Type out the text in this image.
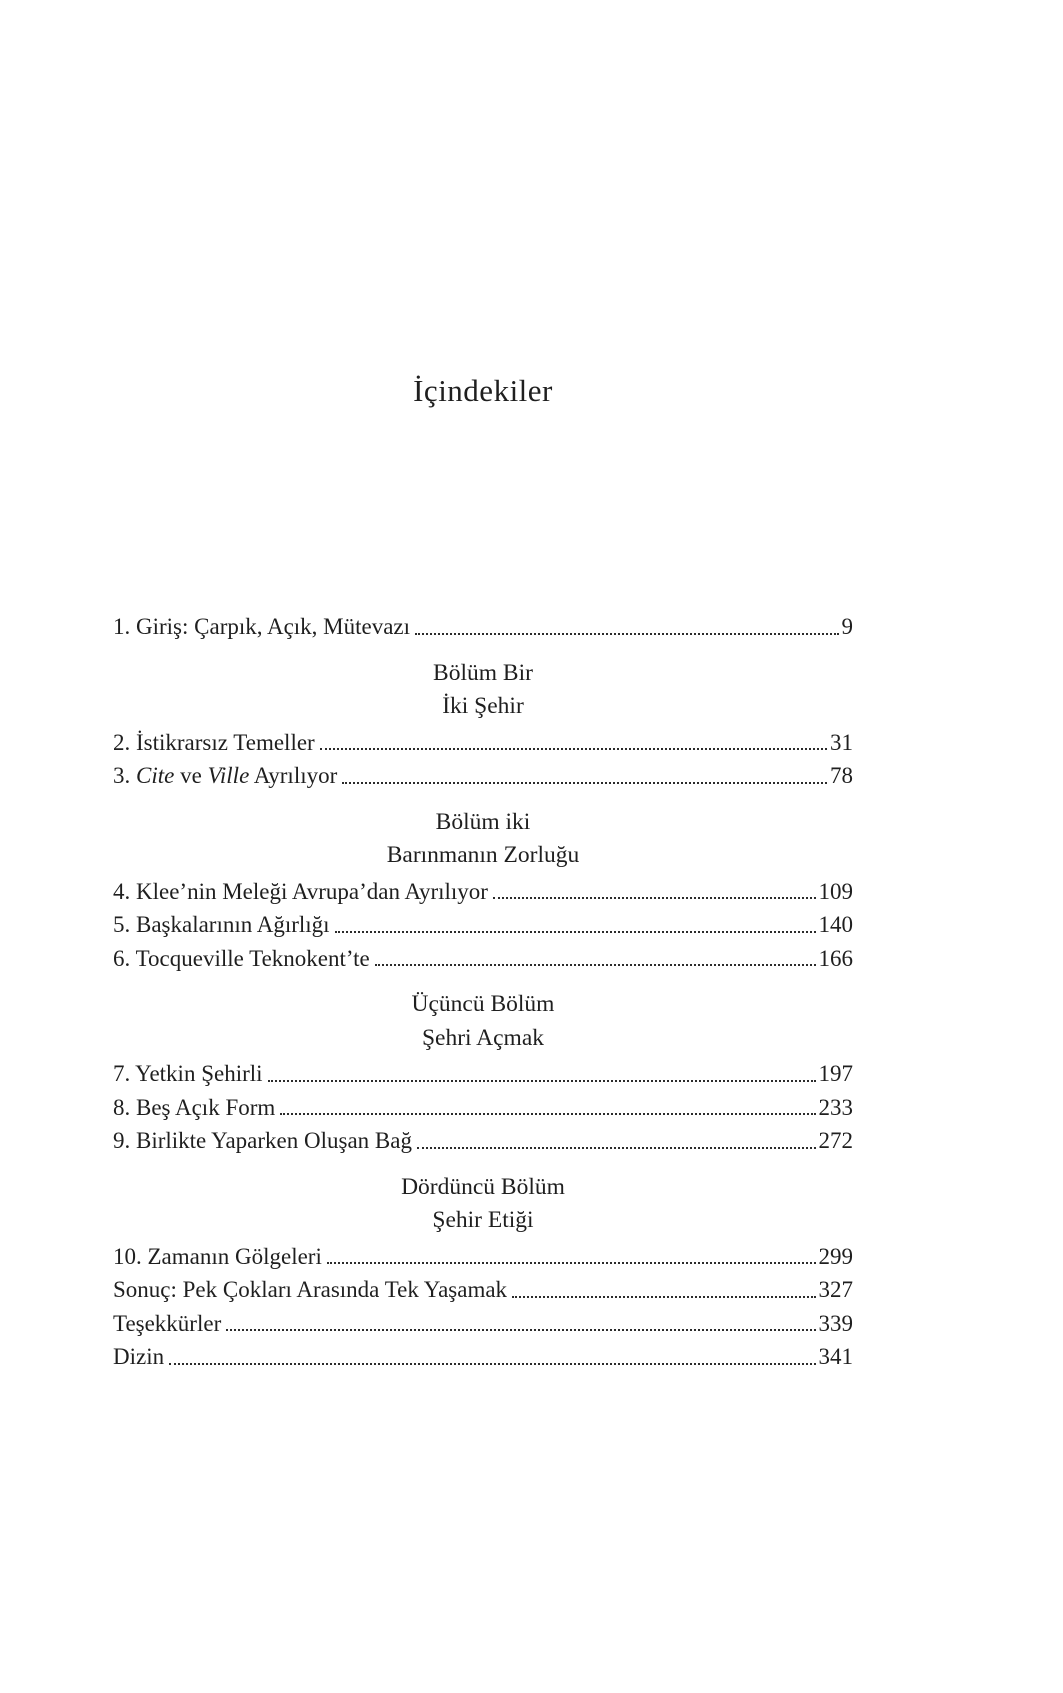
İçindekiler
1. Giriş: Çarpık, Açık, Mütevazı	9
Bölüm Bir
İki Şehir
2. İstikrarsız Temeller	31
3. Cite ve Ville Ayrılıyor	78
Bölüm iki
Barınmanın Zorluğu
4. Klee’nin Meleği Avrupa’dan Ayrılıyor	109
5. Başkalarının Ağırlığı	140
6. Tocqueville Teknokent’te	166
Üçüncü Bölüm
Şehri Açmak
7. Yetkin Şehirli	197
8. Beş Açık Form	233
9. Birlikte Yaparken Oluşan Bağ	272
Dördüncü Bölüm
Şehir Etiği
10. Zamanın Gölgeleri	299
Sonuç: Pek Çokları Arasında Tek Yaşamak	327
Teşekkürler	339
Dizin	341
